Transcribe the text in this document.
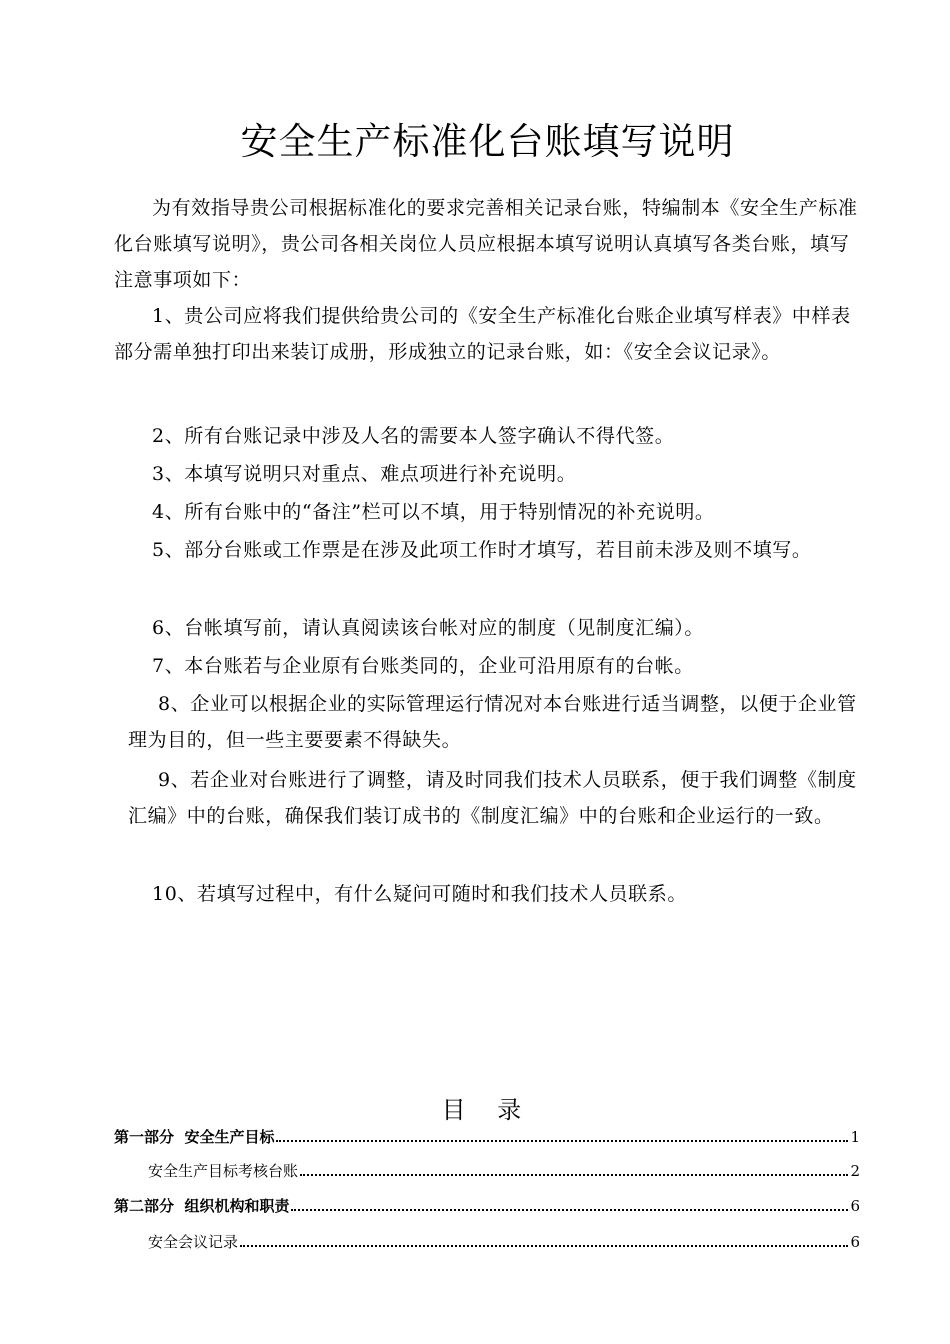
安全生产标准化台账填写说明

为有效指导贵公司根据标准化的要求完善相关记录台账，特编制本《安全生产标准化台账填写说明》，贵公司各相关岗位人员应根据本填写说明认真填写各类台账，填写注意事项如下：

1、贵公司应将我们提供给贵公司的《安全生产标准化台账企业填写样表》中样表部分需单独打印出来装订成册，形成独立的记录台账，如：《安全会议记录》。

2、所有台账记录中涉及人名的需要本人签字确认不得代签。

3、本填写说明只对重点、难点项进行补充说明。

4、所有台账中的“备注”栏可以不填，用于特别情况的补充说明。

5、部分台账或工作票是在涉及此项工作时才填写，若目前未涉及则不填写。

6、台帐填写前，请认真阅读该台帐对应的制度（见制度汇编）。

7、本台账若与企业原有台账类同的，企业可沿用原有的台帐。

8、企业可以根据企业的实际管理运行情况对本台账进行适当调整，以便于企业管理为目的，但一些主要要素不得缺失。

9、若企业对台账进行了调整，请及时同我们技术人员联系，便于我们调整《制度汇编》中的台账，确保我们装订成书的《制度汇编》中的台账和企业运行的一致。

10、若填写过程中，有什么疑问可随时和我们技术人员联系。

目 录
第一部分  安全生产目标	1
安全生产目标考核台账	2
第二部分  组织机构和职责	6
安全会议记录	6
